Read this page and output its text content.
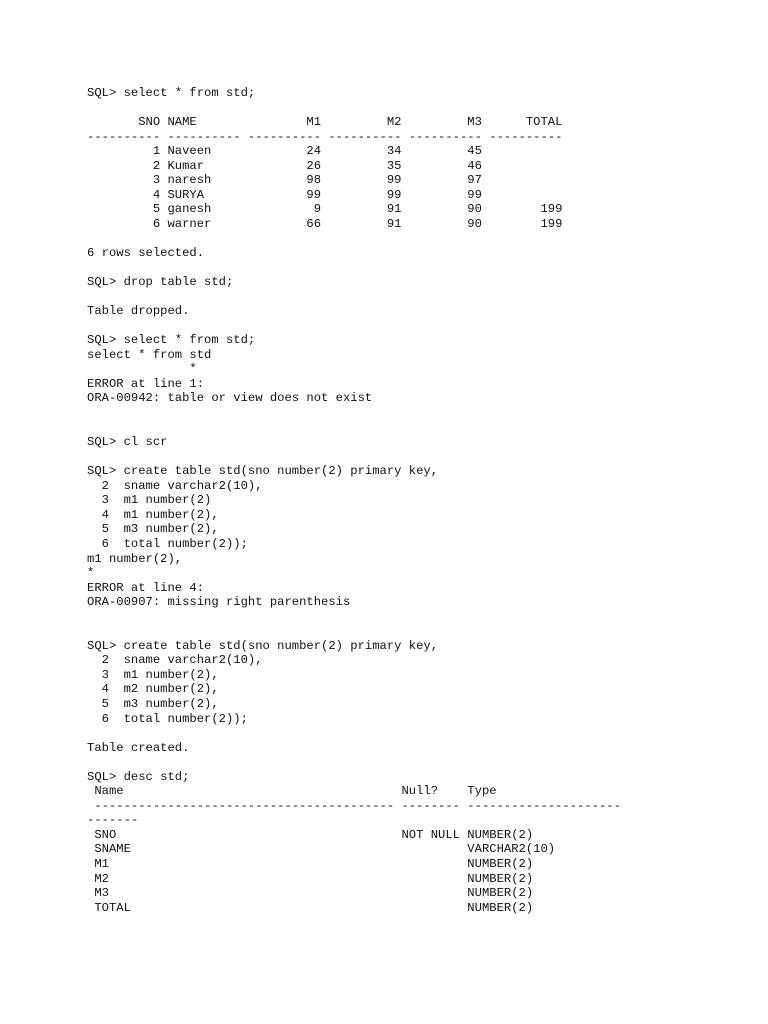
SQL> select * from std;
SNO NAME               M1         M2         M3      TOTAL
---------- ---------- ---------- ---------- ---------- ----------
1 Naveen             24         34         45
2 Kumar              26         35         46
3 naresh             98         99         97
4 SURYA              99         99         99
5 ganesh              9         91         90        199
6 warner             66         91         90        199
6 rows selected.
SQL> drop table std;
Table dropped.
SQL> select * from std;
select * from std
*
ERROR at line 1:
ORA-00942: table or view does not exist
SQL> cl scr
SQL> create table std(sno number(2) primary key,
2  sname varchar2(10),
3  m1 number(2)
4  m1 number(2),
5  m3 number(2),
6  total number(2));
m1 number(2),
*
ERROR at line 4:
ORA-00907: missing right parenthesis
SQL> create table std(sno number(2) primary key,
2  sname varchar2(10),
3  m1 number(2),
4  m2 number(2),
5  m3 number(2),
6  total number(2));
Table created.
SQL> desc std;
Name                                      Null?    Type
----------------------------------------- -------- ---------------------
-------
SNO                                       NOT NULL NUMBER(2)
SNAME                                              VARCHAR2(10)
M1                                                 NUMBER(2)
M2                                                 NUMBER(2)
M3                                                 NUMBER(2)
TOTAL                                              NUMBER(2)
